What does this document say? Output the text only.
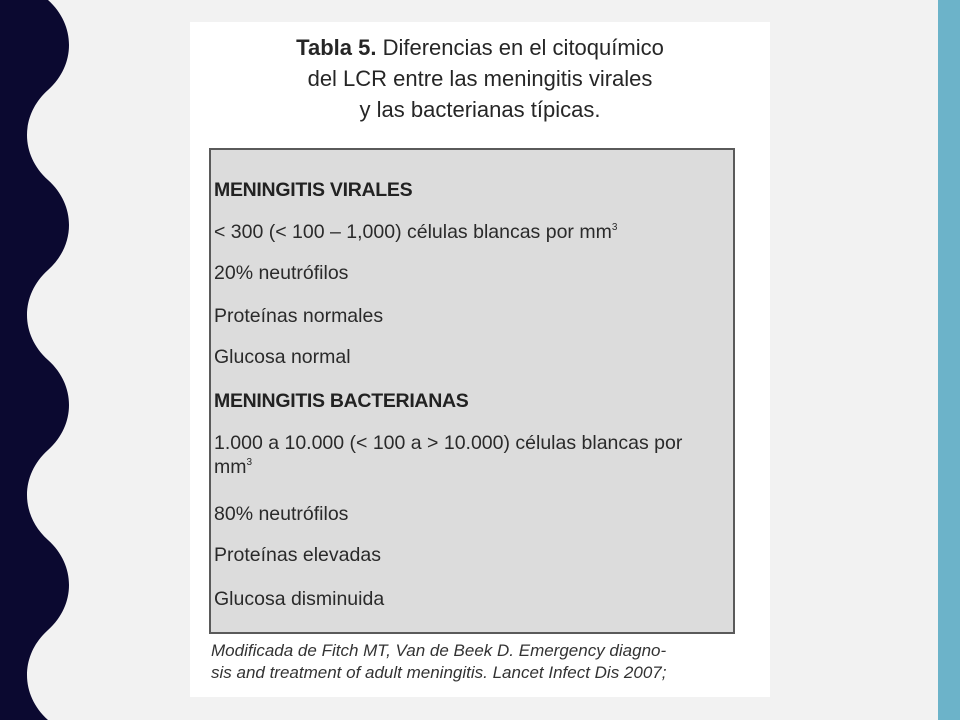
Tabla 5. Diferencias en el citoquímico
del LCR entre las meningitis virales
y las bacterianas típicas.
MENINGITIS VIRALES
< 300 (< 100 – 1,000) células blancas por $mm^3$
20% neutrófilos
Proteínas normales
Glucosa normal
MENINGITIS BACTERIANAS
1.000 a 10.000 (< 100 a > 10.000) células blancas por
$mm^3$
80% neutrófilos
Proteínas elevadas
Glucosa disminuida
Modificada de Fitch MT, Van de Beek D. Emergency diagno-
sis and treatment of adult meningitis. Lancet Infect Dis 2007;
